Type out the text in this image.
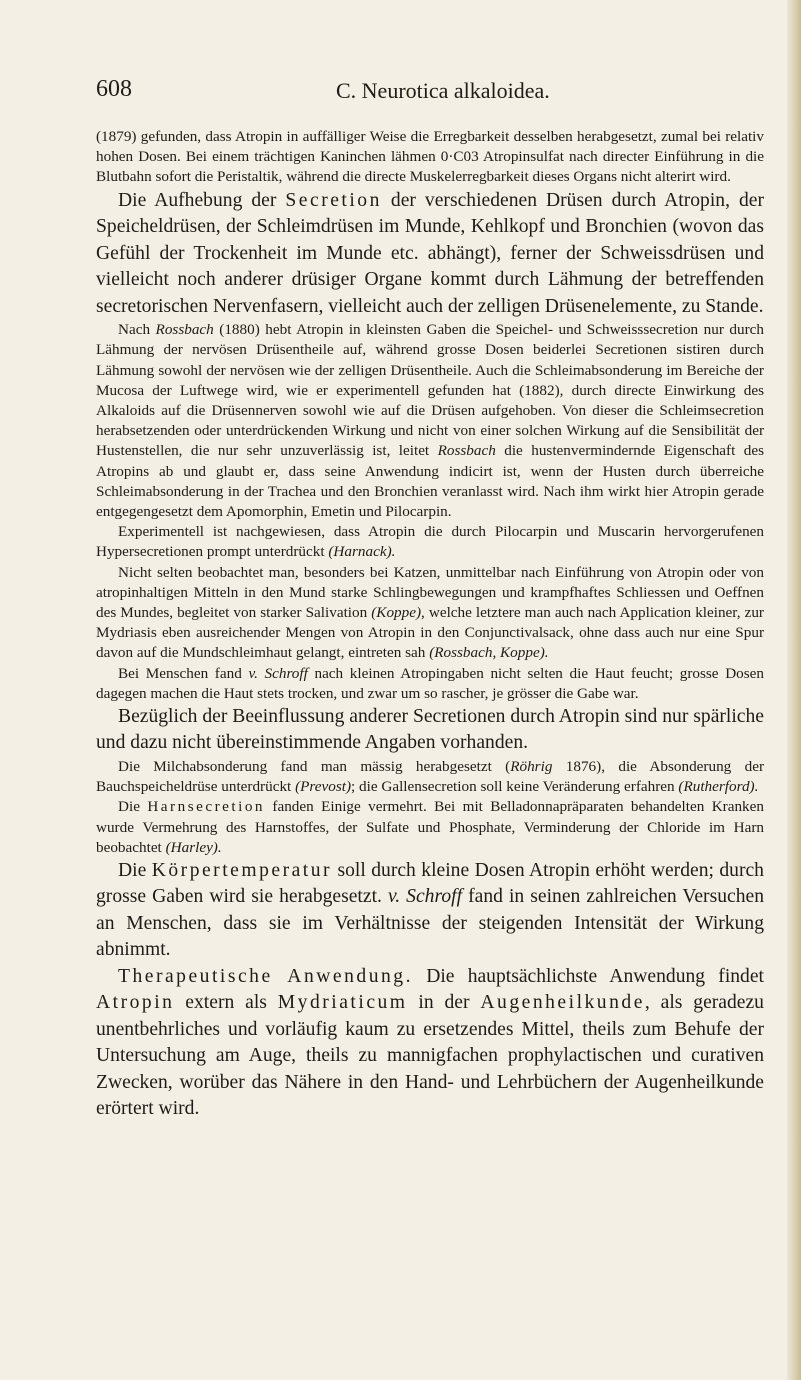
608	C. Neurotica alkaloidea.

(1879) gefunden, dass Atropin in auffälliger Weise die Erregbarkeit desselben herabgesetzt, zumal bei relativ hohen Dosen. Bei einem trächtigen Kaninchen lähmen 0·C03 Atropinsulfat nach directer Einführung in die Blutbahn sofort die Peristaltik, während die directe Muskelerregbarkeit dieses Organs nicht alterirt wird.

Die Aufhebung der Secretion der verschiedenen Drüsen durch Atropin, der Speicheldrüsen, der Schleimdrüsen im Munde, Kehlkopf und Bronchien (wovon das Gefühl der Trockenheit im Munde etc. abhängt), ferner der Schweissdrüsen und vielleicht noch anderer drüsiger Organe kommt durch Lähmung der betreffenden secretorischen Nervenfasern, vielleicht auch der zelligen Drüsenelemente, zu Stande.

Nach Rossbach (1880) hebt Atropin in kleinsten Gaben die Speichel- und Schweisssecretion nur durch Lähmung der nervösen Drüsentheile auf, während grosse Dosen beiderlei Secretionen sistiren durch Lähmung sowohl der nervösen wie der zelligen Drüsentheile. Auch die Schleimabsonderung im Bereiche der Mucosa der Luftwege wird, wie er experimentell gefunden hat (1882), durch directe Einwirkung des Alkaloids auf die Drüsennerven sowohl wie auf die Drüsen aufgehoben. Von dieser die Schleimsecretion herabsetzenden oder unterdrückenden Wirkung und nicht von einer solchen Wirkung auf die Sensibilität der Hustenstellen, die nur sehr unzuverlässig ist, leitet Rossbach die hustenvermindernde Eigenschaft des Atropins ab und glaubt er, dass seine Anwendung indicirt ist, wenn der Husten durch überreiche Schleimabsonderung in der Trachea und den Bronchien veranlasst wird. Nach ihm wirkt hier Atropin gerade entgegengesetzt dem Apomorphin, Emetin und Pilocarpin.

Experimentell ist nachgewiesen, dass Atropin die durch Pilocarpin und Muscarin hervorgerufenen Hypersecretionen prompt unterdrückt (Harnack).

Nicht selten beobachtet man, besonders bei Katzen, unmittelbar nach Einführung von Atropin oder von atropinhaltigen Mitteln in den Mund starke Schlingbewegungen und krampfhaftes Schliessen und Oeffnen des Mundes, begleitet von starker Salivation (Koppe), welche letztere man auch nach Application kleiner, zur Mydriasis eben ausreichender Mengen von Atropin in den Conjunctivalsack, ohne dass auch nur eine Spur davon auf die Mundschleimhaut gelangt, eintreten sah (Rossbach, Koppe).

Bei Menschen fand v. Schroff nach kleinen Atropingaben nicht selten die Haut feucht; grosse Dosen dagegen machen die Haut stets trocken, und zwar um so rascher, je grösser die Gabe war.

Bezüglich der Beeinflussung anderer Secretionen durch Atropin sind nur spärliche und dazu nicht übereinstimmende Angaben vorhanden.

Die Milchabsonderung fand man mässig herabgesetzt (Röhrig 1876), die Absonderung der Bauchspeicheldrüse unterdrückt (Prevost); die Gallensecretion soll keine Veränderung erfahren (Rutherford).

Die Harnsecretion fanden Einige vermehrt. Bei mit Belladonnapräparaten behandelten Kranken wurde Vermehrung des Harnstoffes, der Sulfate und Phosphate, Verminderung der Chloride im Harn beobachtet (Harley).

Die Körpertemperatur soll durch kleine Dosen Atropin erhöht werden; durch grosse Gaben wird sie herabgesetzt. v. Schroff fand in seinen zahlreichen Versuchen an Menschen, dass sie im Verhältnisse der steigenden Intensität der Wirkung abnimmt.

Therapeutische Anwendung. Die hauptsächlichste Anwendung findet Atropin extern als Mydriaticum in der Augenheilkunde, als geradezu unentbehrliches und vorläufig kaum zu ersetzendes Mittel, theils zum Behufe der Untersuchung am Auge, theils zu mannigfachen prophylactischen und curativen Zwecken, worüber das Nähere in den Hand- und Lehrbüchern der Augenheilkunde erörtert wird.
